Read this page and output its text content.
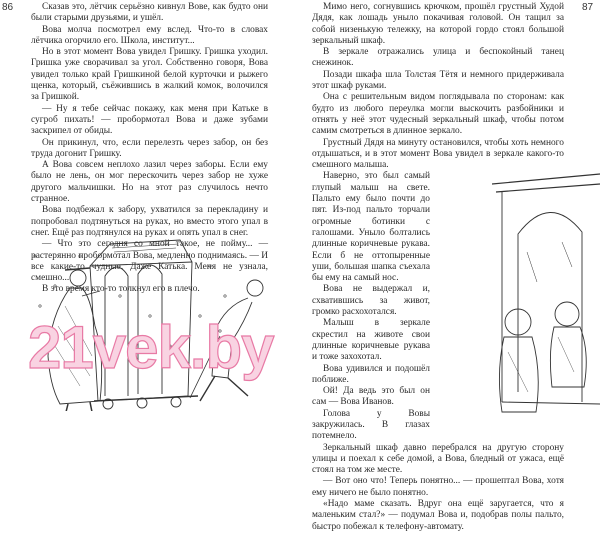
86	87

Сказав это, лётчик серьёзно кивнул Вове, как будто они были старыми друзьями, и ушёл.

Вова молча посмотрел ему вслед. Что-то в словах лётчика огорчило его. Школа, институт...

Но в этот момент Вова увидел Гришку. Гришка уходил. Гришка уже сворачивал за угол. Собственно говоря, Вова увидел только край Гришкиной белой курточки и рыжего щенка, который, съёжившись в жалкий комок, волочился за Гришкой.

— Ну я тебе сейчас покажу, как меня при Катьке в сугроб пихать! — пробормотал Вова и даже зубами заскрипел от обиды.

Он прикинул, что, если перелезть через забор, он без труда догонит Гришку.

А Вова совсем неплохо лазил через заборы. Если ему было не лень, он мог перескочить через забор не хуже другого мальчишки. Но на этот раз случилось нечто странное.

Вова подбежал к забору, ухватился за перекладину и попробовал подтянуться на руках, но вместо этого упал в снег. Ещё раз подтянулся на руках и опять упал в снег.

— Что это сегодня со мной такое, не пойму... — растерянно пробормотал Вова, медленно поднимаясь. — И все какие-то чудные. Даже Катька. Меня не узнала, смешно...

В это время кто-то толкнул его в плечо.

Мимо него, согнувшись крючком, прошёл грустный Худой Дядя, как лошадь уныло покачивая головой. Он тащил за собой низенькую тележку, на которой гордо стоял большой зеркальный шкаф.

В зеркале отражались улица и беспокойный танец снежинок.

Позади шкафа шла Толстая Тётя и немного придерживала этот шкаф руками.

Она с решительным видом поглядывала по сторонам: как будто из любого переулка могли выскочить разбойники и отнять у неё этот чудесный зеркальный шкаф, чтобы потом самим смотреться в длинное зеркало.

Грустный Дядя на минуту остановился, чтобы хоть немного отдышаться, и в этот момент Вова увидел в зеркале какого-то смешного малыша.

Наверно, это был самый глупый малыш на свете. Пальто ему было почти до пят. Из-под пальто торчали огромные ботинки с галошами. Уныло болтались длинные коричневые рукава. Если б не оттопыренные уши, большая шапка съехала бы ему на самый нос.

Вова не выдержал и, схватившись за живот, громко расхохотался.

Малыш в зеркале скрестил на животе свои длинные коричневые рукава и тоже захохотал.

Вова удивился и подошёл поближе.

Ой! Да ведь это был он сам — Вова Иванов.

Голова у Вовы закружилась. В глазах потемнело.

Зеркальный шкаф давно перебрался на другую сторону улицы и поехал к себе домой, а Вова, бледный от ужаса, ещё стоял на том же месте.

— Вот оно что! Теперь понятно... — прошептал Вова, хотя ему ничего не было понятно.

«Надо маме сказать. Вдруг она ещё заругается, что я маленьким стал?» — подумал Вова и, подобрав полы пальто, быстро побежал к телефону-автомату.

21vek.by
